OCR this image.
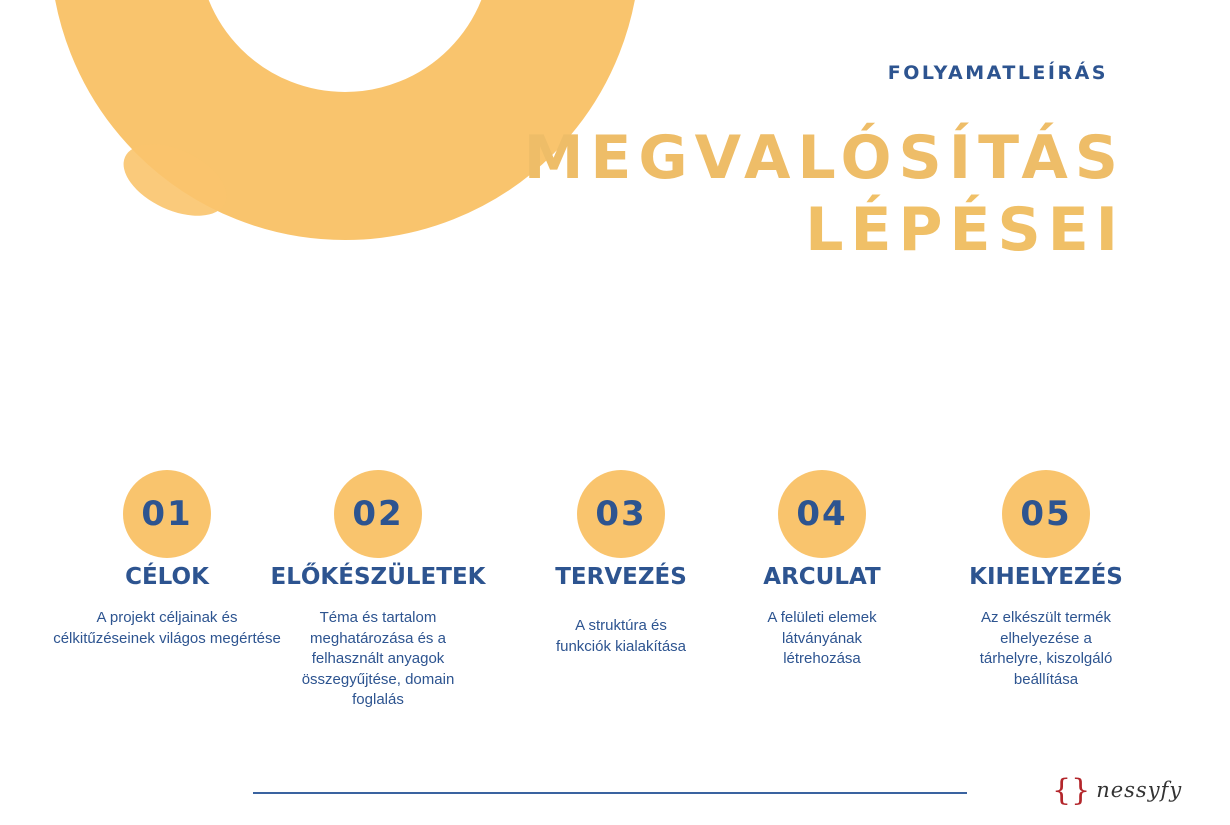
FOLYAMATLEÍRÁS
MEGVALÓSÍTÁS
LÉPÉSEI
01
CÉLOK
A projekt céljainak és célkitűzéseinek világos megértése
02
ELŐKÉSZÜLETEK
Téma és tartalom meghatározása és a felhasznált anyagok összegyűjtése, domain foglalás
03
TERVEZÉS
A struktúra és funkciók kialakítása
04
ARCULAT
A felületi elemek látványának létrehozása
05
KIHELYEZÉS
Az elkészült termék elhelyezése a tárhelyre, kiszolgáló beállítása
{} nessyfy
